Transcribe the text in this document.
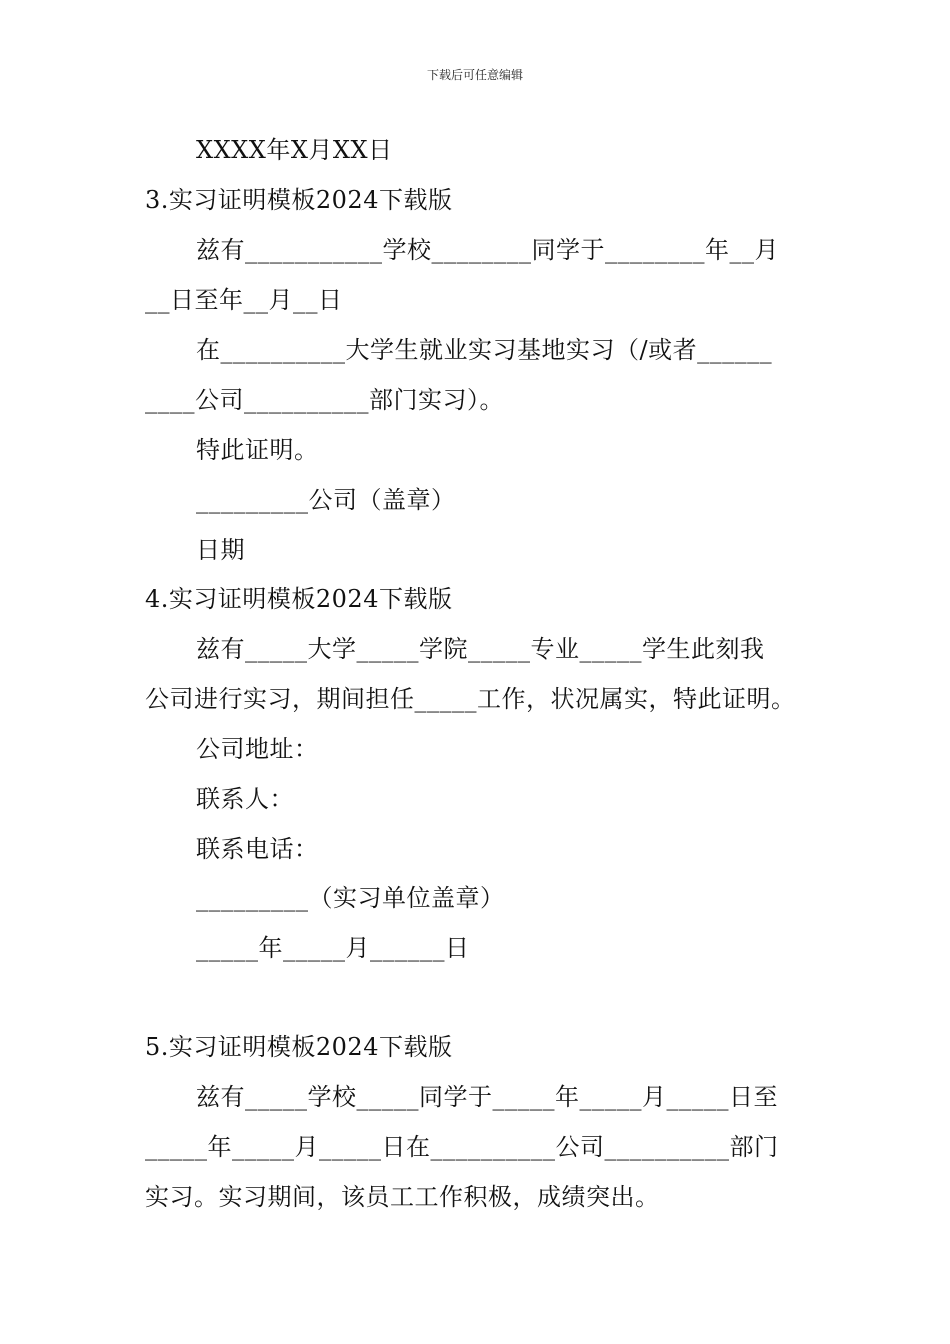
下载后可任意编辑
XXXX年X月XX日
3.实习证明模板2024下载版
兹有___________学校________同学于________年__月
__日至年__月__日
在__________大学生就业实习基地实习（/或者______
____公司__________部门实习）。
特此证明。
_________公司（盖章）
日期
4.实习证明模板2024下载版
兹有_____大学_____学院_____专业_____学生此刻我
公司进行实习，期间担任_____工作，状况属实，特此证明。
公司地址：
联系人：
联系电话：
_________（实习单位盖章）
_____年_____月______日
5.实习证明模板2024下载版
兹有_____学校_____同学于_____年_____月_____日至
_____年_____月_____日在__________公司__________部门
实习。实习期间，该员工工作积极，成绩突出。
